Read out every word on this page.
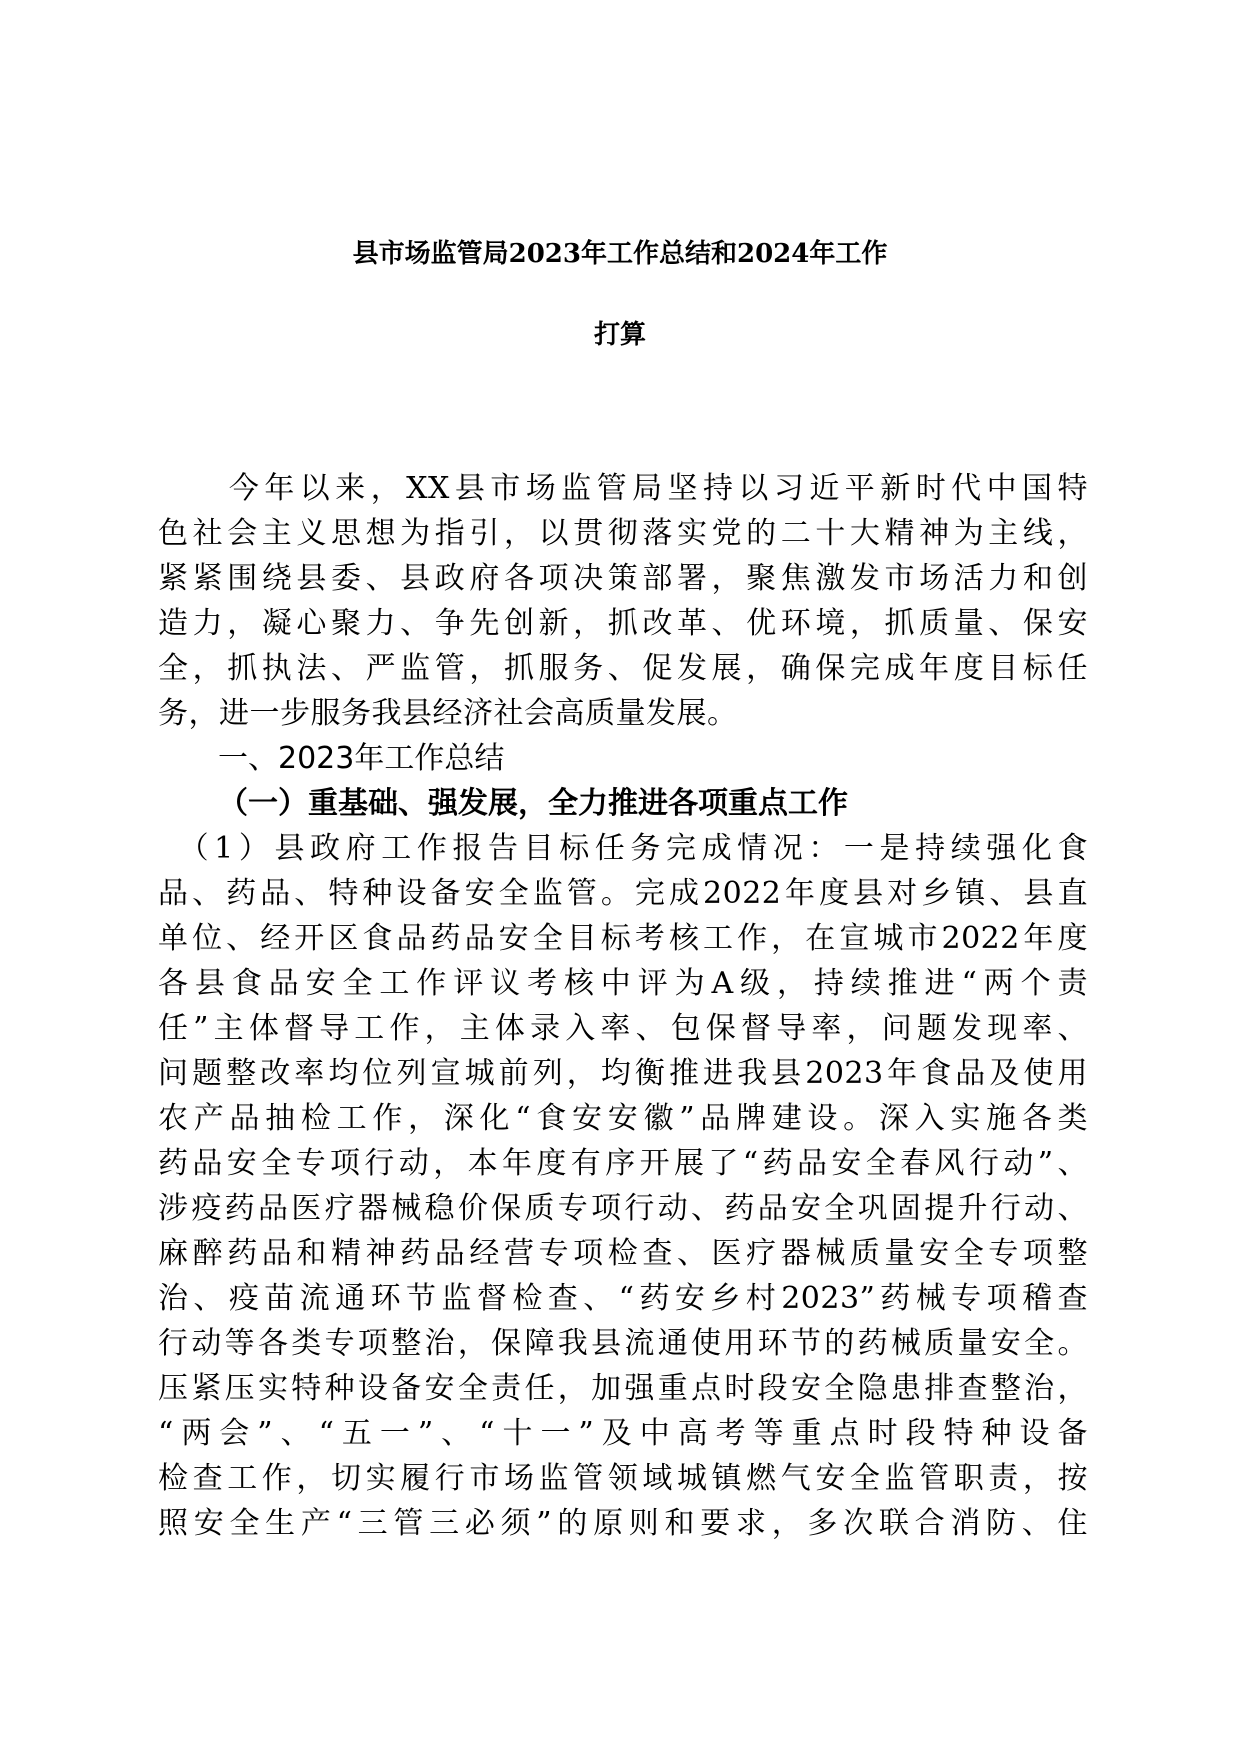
县市场监管局2023年工作总结和2024年工作
打算
　　今年以来，XX县市场监管局坚持以习近平新时代中国特
色社会主义思想为指引，以贯彻落实党的二十大精神为主线，
紧紧围绕县委、县政府各项决策部署，聚焦激发市场活力和创
造力，凝心聚力、争先创新，抓改革、优环境，抓质量、保安
全，抓执法、严监管，抓服务、促发展，确保完成年度目标任
务，进一步服务我县经济社会高质量发展。
一、2023年工作总结
（一）重基础、强发展，全力推进各项重点工作
　（1）县政府工作报告目标任务完成情况：一是持续强化食
品、药品、特种设备安全监管。完成2022年度县对乡镇、县直
单位、经开区食品药品安全目标考核工作，在宣城市2022年度
各县食品安全工作评议考核中评为A级，持续推进“两个责
任”主体督导工作，主体录入率、包保督导率，问题发现率、
问题整改率均位列宣城前列，均衡推进我县2023年食品及使用
农产品抽检工作，深化“食安安徽”品牌建设。深入实施各类
药品安全专项行动，本年度有序开展了“药品安全春风行动”、
涉疫药品医疗器械稳价保质专项行动、药品安全巩固提升行动、
麻醉药品和精神药品经营专项检查、医疗器械质量安全专项整
治、疫苗流通环节监督检查、“药安乡村2023”药械专项稽查
行动等各类专项整治，保障我县流通使用环节的药械质量安全。
压紧压实特种设备安全责任，加强重点时段安全隐患排查整治，
“两会”、“五一”、“十一”及中高考等重点时段特种设备
检查工作，切实履行市场监管领域城镇燃气安全监管职责，按
照安全生产“三管三必须”的原则和要求，多次联合消防、住
